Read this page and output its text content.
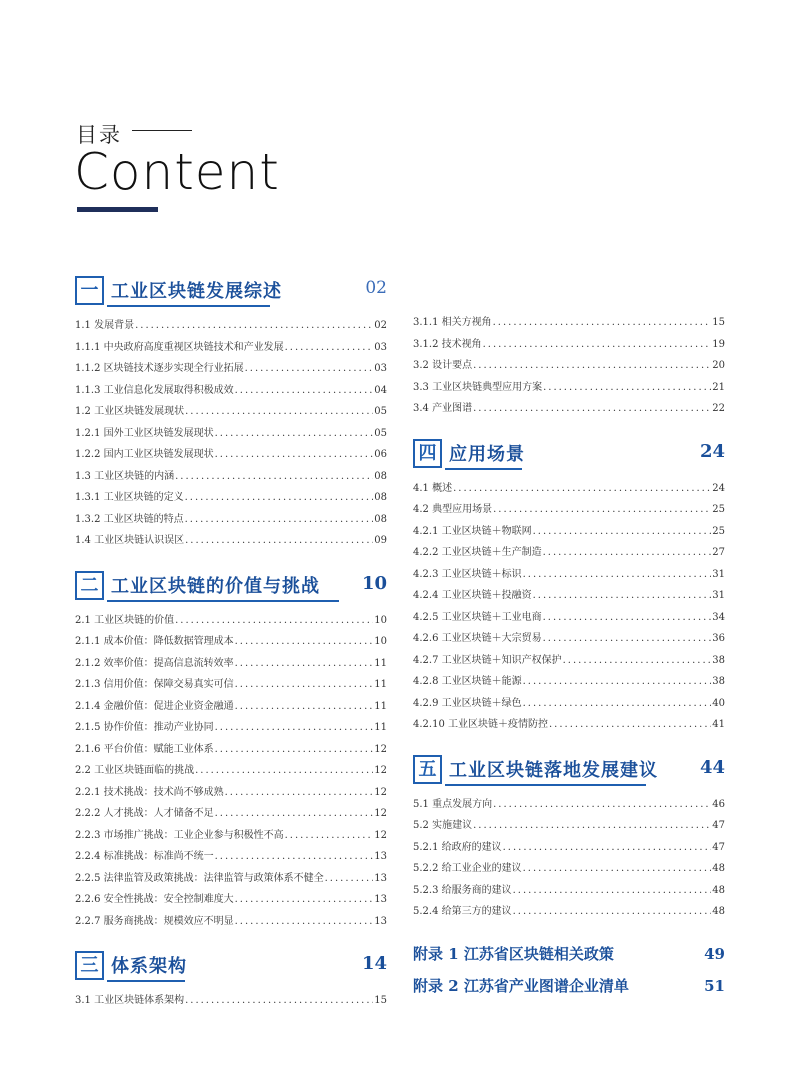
目录
Content
一 工业区块链发展综述	02
1.1 发展背景 .....	02
1.1.1 中央政府高度重视区块链技术和产业发展 .....	03
1.1.2 区块链技术逐步实现全行业拓展 .....	03
1.1.3 工业信息化发展取得积极成效 .....	04
1.2 工业区块链发展现状 .....	05
1.2.1 国外工业区块链发展现状 .....	05
1.2.2 国内工业区块链发展现状 .....	06
1.3 工业区块链的内涵 .....	08
1.3.1 工业区块链的定义 .....	08
1.3.2 工业区块链的特点 .....	08
1.4 工业区块链认识误区 .....	09
二 工业区块链的价值与挑战 10
2.1 工业区块链的价值 .....	10
2.1.1 成本价值：降低数据管理成本 .....	10
2.1.2 效率价值：提高信息流转效率 .....	11
2.1.3 信用价值：保障交易真实可信 .....	11
2.1.4 金融价值：促进企业资金融通 .....	11
2.1.5 协作价值：推动产业协同 .....	11
2.1.6 平台价值：赋能工业体系 .....	12
2.2 工业区块链面临的挑战 .....	12
2.2.1 技术挑战：技术尚不够成熟 .....	12
2.2.2 人才挑战：人才储备不足 .....	12
2.2.3 市场推广挑战：工业企业参与积极性不高 .....	12
2.2.4 标准挑战：标准尚不统一 .....	13
2.2.5 法律监管及政策挑战：法律监管与政策体系不健全 .....	13
2.2.6 安全性挑战：安全控制难度大 .....	13
2.2.7 服务商挑战：规模效应不明显 .....	13
三 体系架构	14
3.1 工业区块链体系架构 .....	15
3.1.1 相关方视角 .....	15
3.1.2 技术视角 .....	19
3.2 设计要点 .....	20
3.3 工业区块链典型应用方案 .....	21
3.4 产业图谱 .....	22
四 应用场景	24
4.1 概述 .....	24
4.2 典型应用场景 .....	25
4.2.1 工业区块链＋物联网 .....	25
4.2.2 工业区块链＋生产制造 .....	27
4.2.3 工业区块链＋标识 .....	31
4.2.4 工业区块链＋投融资 .....	31
4.2.5 工业区块链＋工业电商 .....	34
4.2.6 工业区块链＋大宗贸易 .....	36
4.2.7 工业区块链＋知识产权保护 .....	38
4.2.8 工业区块链＋能源 .....	38
4.2.9 工业区块链＋绿色 .....	40
4.2.10 工业区块链＋疫情防控 .....	41
五 工业区块链落地发展建议 44
5.1 重点发展方向 .....	46
5.2 实施建议 .....	47
5.2.1 给政府的建议 .....	47
5.2.2 给工业企业的建议 .....	48
5.2.3 给服务商的建议 .....	48
5.2.4 给第三方的建议 .....	48
附录 1 江苏省区块链相关政策	49
附录 2 江苏省产业图谱企业清单	51
